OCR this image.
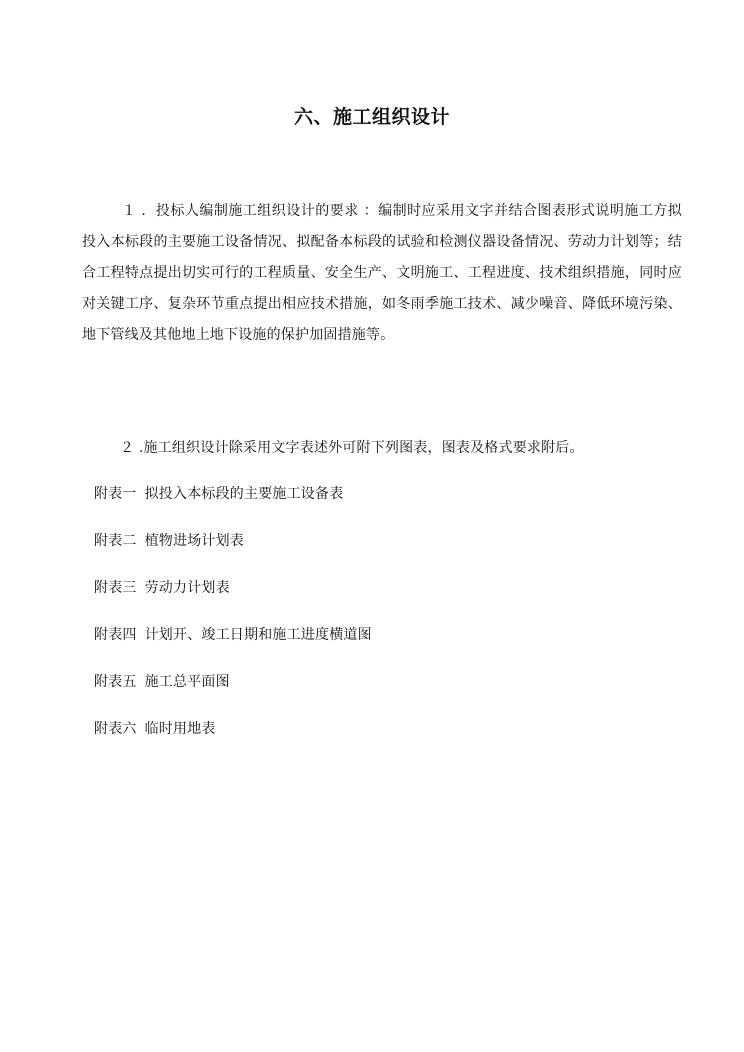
六、施工组织设计

１ ．投标人编制施工组织设计的要求 ：编制时应采用文字并结合图表形式说明施工方拟投入本标段的主要施工设备情况、拟配备本标段的试验和检测仪器设备情况、劳动力计划等；结合工程特点提出切实可行的工程质量、安全生产、文明施工、工程进度、技术组织措施，同时应对关键工序、复杂环节重点提出相应技术措施，如冬雨季施工技术、减少噪音、降低环境污染、地下管线及其他地上地下设施的保护加固措施等。

２ .施工组织设计除采用文字表述外可附下列图表，图表及格式要求附后。

附表一 拟投入本标段的主要施工设备表
附表二 植物进场计划表
附表三 劳动力计划表
附表四 计划开、竣工日期和施工进度横道图
附表五 施工总平面图
附表六 临时用地表
